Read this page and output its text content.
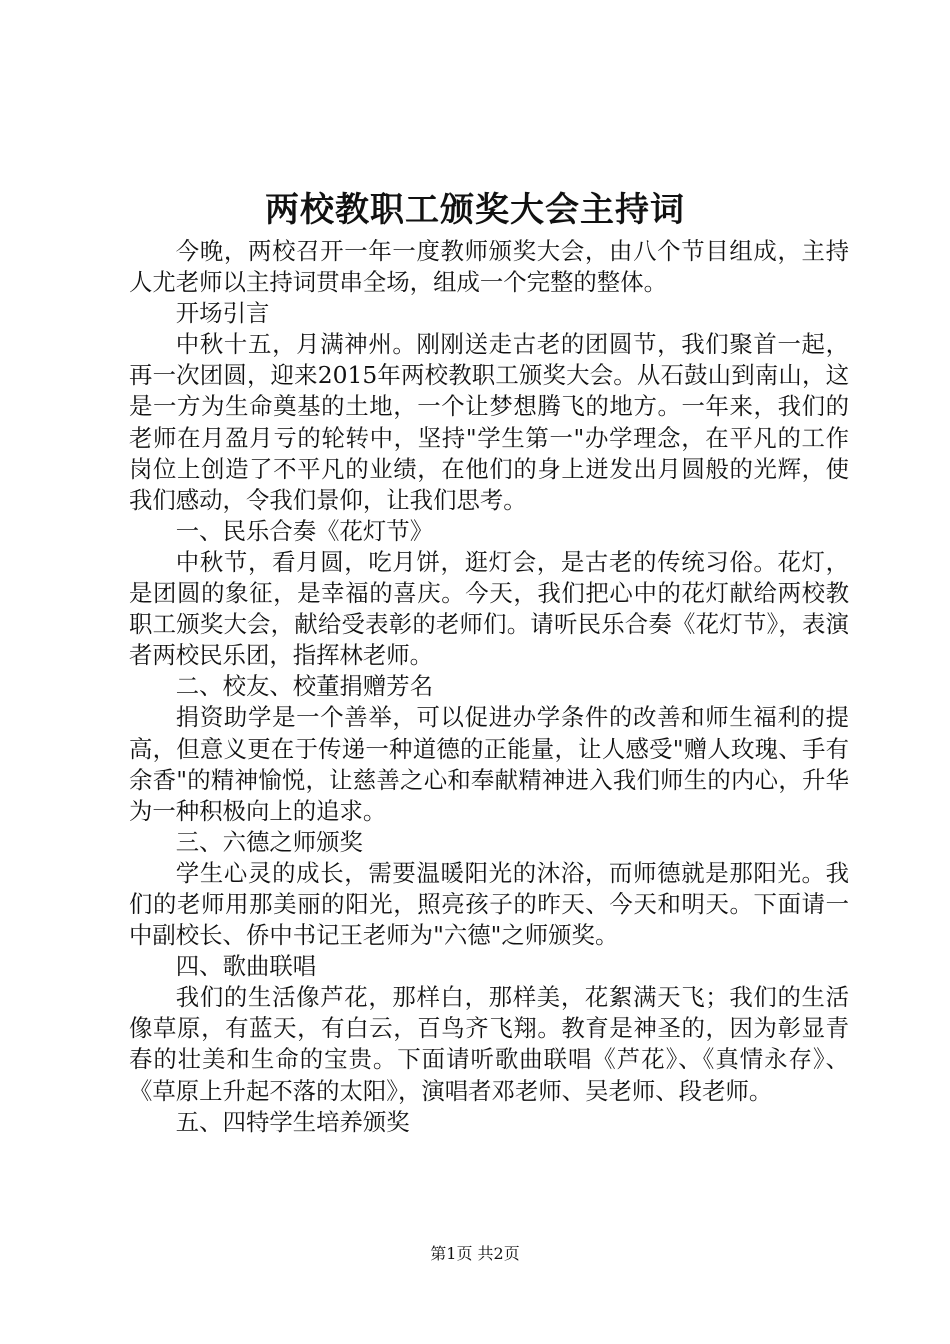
两校教职工颁奖大会主持词

今晚，两校召开一年一度教师颁奖大会，由八个节目组成，主持人尤老师以主持词贯串全场，组成一个完整的整体。

开场引言

中秋十五，月满神州。刚刚送走古老的团圆节，我们聚首一起，再一次团圆，迎来2015年两校教职工颁奖大会。从石鼓山到南山，这是一方为生命奠基的土地，一个让梦想腾飞的地方。一年来，我们的老师在月盈月亏的轮转中，坚持"学生第一"办学理念，在平凡的工作岗位上创造了不平凡的业绩，在他们的身上迸发出月圆般的光辉，使我们感动，令我们景仰，让我们思考。

一、民乐合奏《花灯节》

中秋节，看月圆，吃月饼，逛灯会，是古老的传统习俗。花灯，是团圆的象征，是幸福的喜庆。今天，我们把心中的花灯献给两校教职工颁奖大会，献给受表彰的老师们。请听民乐合奏《花灯节》，表演者两校民乐团，指挥林老师。

二、校友、校董捐赠芳名

捐资助学是一个善举，可以促进办学条件的改善和师生福利的提高，但意义更在于传递一种道德的正能量，让人感受"赠人玫瑰、手有余香"的精神愉悦，让慈善之心和奉献精神进入我们师生的内心，升华为一种积极向上的追求。

三、六德之师颁奖

学生心灵的成长，需要温暖阳光的沐浴，而师德就是那阳光。我们的老师用那美丽的阳光，照亮孩子的昨天、今天和明天。下面请一中副校长、侨中书记王老师为"六德"之师颁奖。

四、歌曲联唱

我们的生活像芦花，那样白，那样美，花絮满天飞；我们的生活像草原，有蓝天，有白云，百鸟齐飞翔。教育是神圣的，因为彰显青春的壮美和生命的宝贵。下面请听歌曲联唱《芦花》、《真情永存》、《草原上升起不落的太阳》，演唱者邓老师、吴老师、段老师。

五、四特学生培养颁奖

第1页 共2页
